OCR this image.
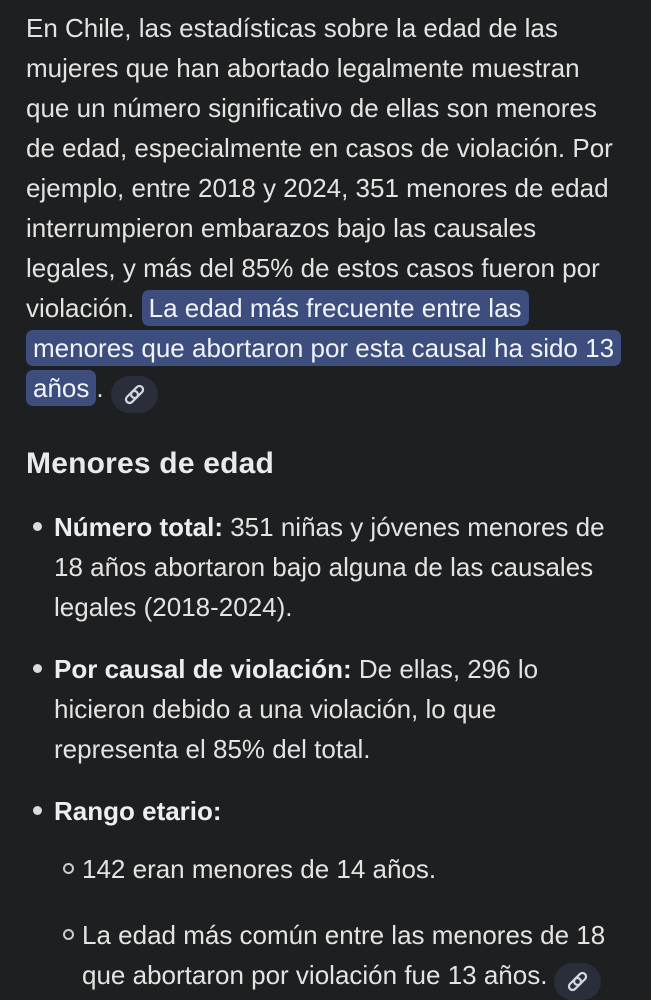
En Chile, las estadísticas sobre la edad de las mujeres que han abortado legalmente muestran que un número significativo de ellas son menores de edad, especialmente en casos de violación. Por ejemplo, entre 2018 y 2024, 351 menores de edad interrumpieron embarazos bajo las causales legales, y más del 85% de estos casos fueron por violación. La edad más frecuente entre las menores que abortaron por esta causal ha sido 13 años .

Menores de edad
Número total: 351 niñas y jóvenes menores de 18 años abortaron bajo alguna de las causales legales (2018-2024).
Por causal de violación: De ellas, 296 lo hicieron debido a una violación, lo que representa el 85% del total.
Rango etario:
142 eran menores de 14 años.
La edad más común entre las menores de 18 que abortaron por violación fue 13 años.
